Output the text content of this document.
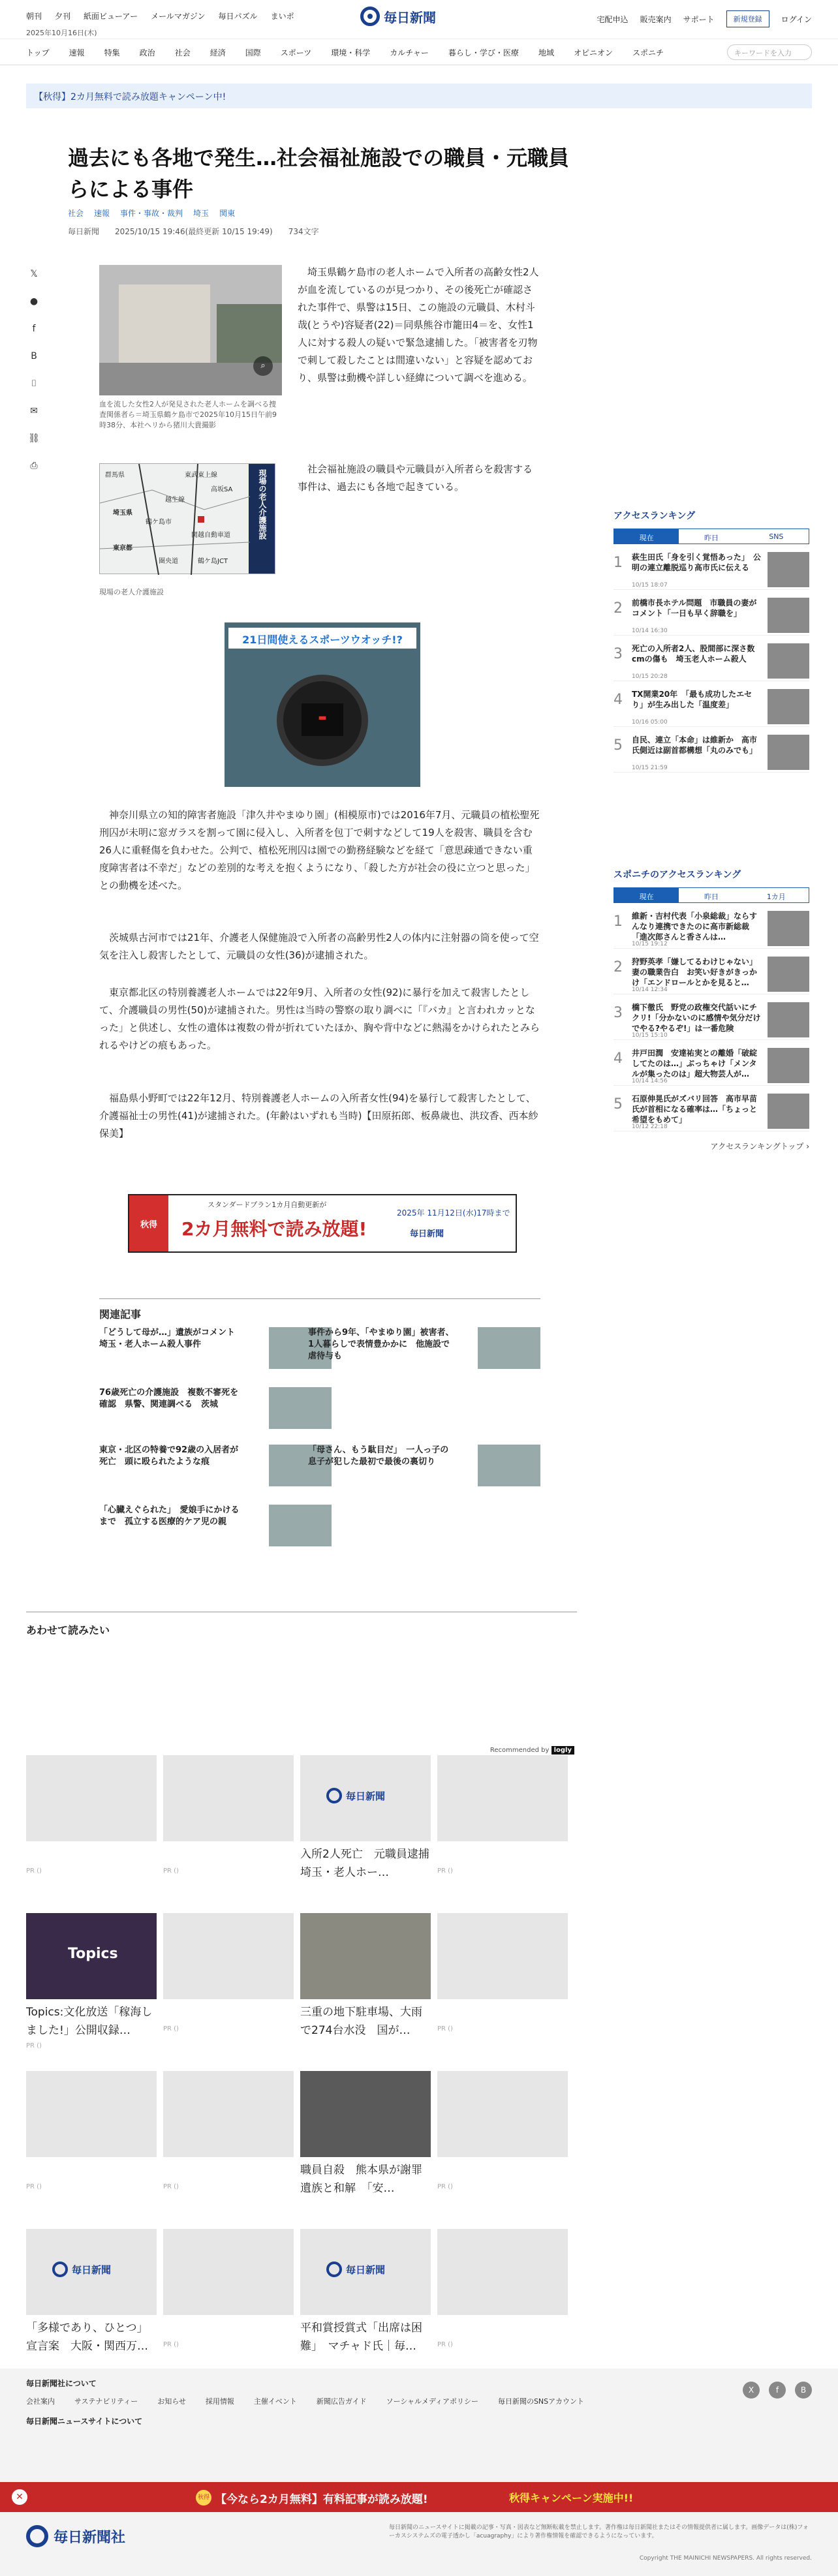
朝刊 夕刊 紙面ビューアー メールマガジン 毎日パズル まいポ
2025年10月16日(木)
毎日新聞	宅配申込 販売案内 サポート	新規登録	ログイン
トップ	速報	特集	政治	社会	経済	国際	スポーツ	環境・科学	カルチャー	暮らし・学び・医療	地域	オピニオン	スポニチ	キーワードを入力
【秋得】2カ月無料で読み放題キャンペーン中!
過去にも各地で発生…社会福祉施設での職員・元職員らによる事件
社会 速報 事件・事故・裁判 埼玉 関東
毎日新聞 2025/10/15 19:46(最終更新 10/15 19:49) 734文字
𝕏
●
f
B
⌷
✉
⛓
⎙
⌕
血を流した女性2人が発見された老人ホームを調べる捜査関係者ら＝埼玉県鶴ケ島市で2025年10月15日午前9時38分、本社ヘリから猪川大貴撮影
現場の老人介護施設
群馬県	東武東上線
高坂SA
越生線
埼玉県
鶴ケ島市
東京都
関越自動車道
圏央道	鶴ケ島JCT
現場の老人介護施設

埼玉県鶴ケ島市の老人ホームで入所者の高齢女性2人が血を流しているのが見つかり、その後死亡が確認された事件で、県警は15日、この施設の元職員、木村斗哉(とうや)容疑者(22)＝同県熊谷市籠田4＝を、女性1人に対する殺人の疑いで緊急逮捕した。「被害者を刃物で刺して殺したことは間違いない」と容疑を認めており、県警は動機や詳しい経緯について調べを進める。

社会福祉施設の職員や元職員が入所者らを殺害する事件は、過去にも各地で起きている。

21日間使えるスポーツウオッチ!?
▬

神奈川県立の知的障害者施設「津久井やまゆり園」(相模原市)では2016年7月、元職員の植松聖死刑囚が未明に窓ガラスを割って園に侵入し、入所者を包丁で刺すなどして19人を殺害、職員を含む26人に重軽傷を負わせた。公判で、植松死刑囚は園での勤務経験などを経て「意思疎通できない重度障害者は不幸だ」などの差別的な考えを抱くようになり、「殺した方が社会の役に立つと思った」との動機を述べた。

茨城県古河市では21年、介護老人保健施設で入所者の高齢男性2人の体内に注射器の筒を使って空気を注入し殺害したとして、元職員の女性(36)が逮捕された。

東京都北区の特別養護老人ホームでは22年9月、入所者の女性(92)に暴行を加えて殺害したとして、介護職員の男性(50)が逮捕された。男性は当時の警察の取り調べに「『バカ』と言われカッとなった」と供述し、女性の遺体は複数の骨が折れていたほか、胸や背中などに熱湯をかけられたとみられるやけどの痕もあった。

福島県小野町では22年12月、特別養護老人ホームの入所者女性(94)を暴行して殺害したとして、介護福祉士の男性(41)が逮捕された。(年齢はいずれも当時)【田原拓郎、板鼻歳也、洪玟香、西本紗保美】

秋得
スタンダードプラン1カ月自動更新が
2カ月無料で読み放題!
2025年 11月12日(水)17時まで
毎日新聞
関連記事
「どうして母が…」遺族がコメント　埼玉・老人ホーム殺人事件
事件から9年、「やまゆり園」被害者、1人暮らしで表情豊かかに　他施設で虐待与も
76歳死亡の介護施設　複数不審死を確認　県警、関連調べる　茨城
東京・北区の特養で92歳の入居者が死亡　頭に殴られたような痕
「母さん、もう駄目だ」　一人っ子の息子が犯した最初で最後の裏切り
「心臓えぐられた」　愛娘手にかけるまで　孤立する医療的ケア児の親
あわせて読みたい
Recommended by logly
PR ()	PR ()
毎日新聞
入所2人死亡　元職員逮捕　埼玉・老人ホー…	PR ()
Topics
Topics:文化放送「稼海しました!」公開収録…
PR ()
PR ()
三重の地下駐車場、大雨で274台水没　国が…	PR ()
PR ()	PR ()
職員自殺　熊本県が謝罪　遺族と和解　「安…	PR ()
毎日新聞
「多様であり、ひとつ」宣言案　大阪・関西万…	PR ()
毎日新聞
平和賞授賞式「出席は困難」　マチャド氏｜毎…	PR ()
アクセスランキング
現在	昨日	SNS
1 萩生田氏「身を引く覚悟あった」　公明の連立離脱巡り高市氏に伝える
10/15 18:07
2 前橋市長ホテル問題　市職員の妻がコメント「一日も早く辞職を」
10/14 16:30
3 死亡の入所者2人、股間部に深さ数cmの傷も　埼玉老人ホーム殺人
10/15 20:28
4 TX開業20年　「最も成功したエセり」が生み出した「温度差」
10/16 05:00
5 自民、連立「本命」は維新か　高市氏側近は副首都構想「丸のみでも」
10/15 21:59
スポニチのアクセスランキング
現在	昨日	1カ月
1 維新・吉村代表「小泉総裁」ならすんなり連携できたのに高市新総裁　「進次郎さんと香さんは…
10/15 19:12
2 狩野英孝「嫌してるわけじゃない」妻の職業告白　お笑い好きがきっかけ「エンドロールとかを見ると…
10/14 12:34
3 橋下徹氏　野党の政権交代話いにチクリ!「分かないのに感情や気分だけでやる?やるぞ!」は一番危険
10/15 15:10
4 井戸田潤　安達祐実との離婚「破綻してたのは…」ぶっちゃけ「メンタルが集ったのは」超大物芸人が…
10/14 14:56
5 石原伸晃氏がズバリ回答　高市早苗氏が首相になる確率は…「ちょっと希望をもめて」
10/12 22:18
アクセスランキングトップ ›
毎日新聞社について
会社案内	サステナビリティー	お知らせ	採用情報	主催イベント	新聞広告ガイド	ソーシャルメディアポリシー	毎日新聞のSNSアカウント
毎日新聞ニュースサイトについて
X	f	B
✕	秋得 【今なら2カ月無料】有料記事が読み放題!	秋得キャンペーン実施中!!
毎日新聞社
毎日新聞のニュースサイトに掲載の記事・写真・図表など無断転載を禁止します。著作権は毎日新聞社またはその情報提供者に属します。画像データは(株)フォーカスシステムズの電子透かし「acuagraphy」により著作権情報を確認できるようになっています。
Copyright THE MAINICHI NEWSPAPERS. All rights reserved.
